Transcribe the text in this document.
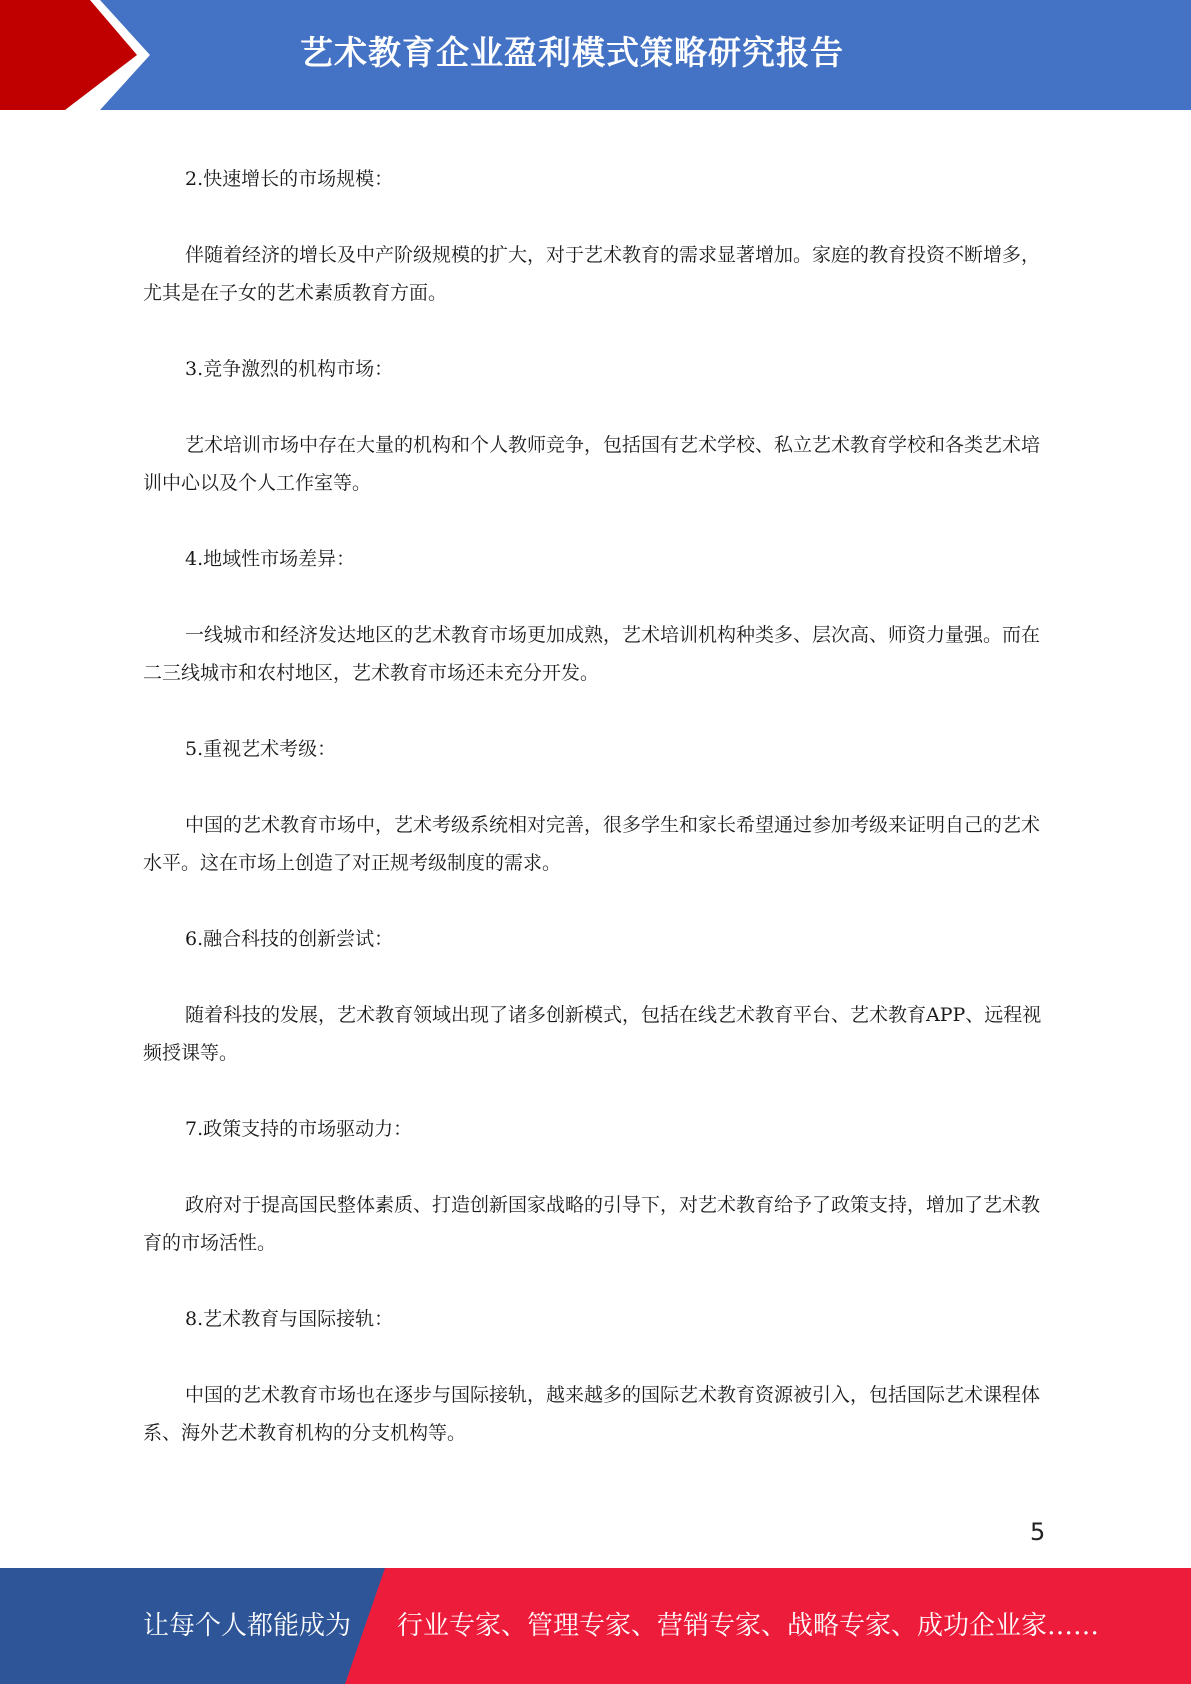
艺术教育企业盈利模式策略研究报告

2.快速增长的市场规模：

伴随着经济的增长及中产阶级规模的扩大，对于艺术教育的需求显著增加。家庭的教育投资不断增多，尤其是在子女的艺术素质教育方面。

3.竞争激烈的机构市场：

艺术培训市场中存在大量的机构和个人教师竞争，包括国有艺术学校、私立艺术教育学校和各类艺术培训中心以及个人工作室等。

4.地域性市场差异：

一线城市和经济发达地区的艺术教育市场更加成熟，艺术培训机构种类多、层次高、师资力量强。而在二三线城市和农村地区，艺术教育市场还未充分开发。

5.重视艺术考级：

中国的艺术教育市场中，艺术考级系统相对完善，很多学生和家长希望通过参加考级来证明自己的艺术水平。这在市场上创造了对正规考级制度的需求。

6.融合科技的创新尝试：

随着科技的发展，艺术教育领域出现了诸多创新模式，包括在线艺术教育平台、艺术教育APP、远程视频授课等。

7.政策支持的市场驱动力：

政府对于提高国民整体素质、打造创新国家战略的引导下，对艺术教育给予了政策支持，增加了艺术教育的市场活性。

8.艺术教育与国际接轨：

中国的艺术教育市场也在逐步与国际接轨，越来越多的国际艺术教育资源被引入，包括国际艺术课程体系、海外艺术教育机构的分支机构等。

5
让每个人都能成为 行业专家、管理专家、营销专家、战略专家、成功企业家……
